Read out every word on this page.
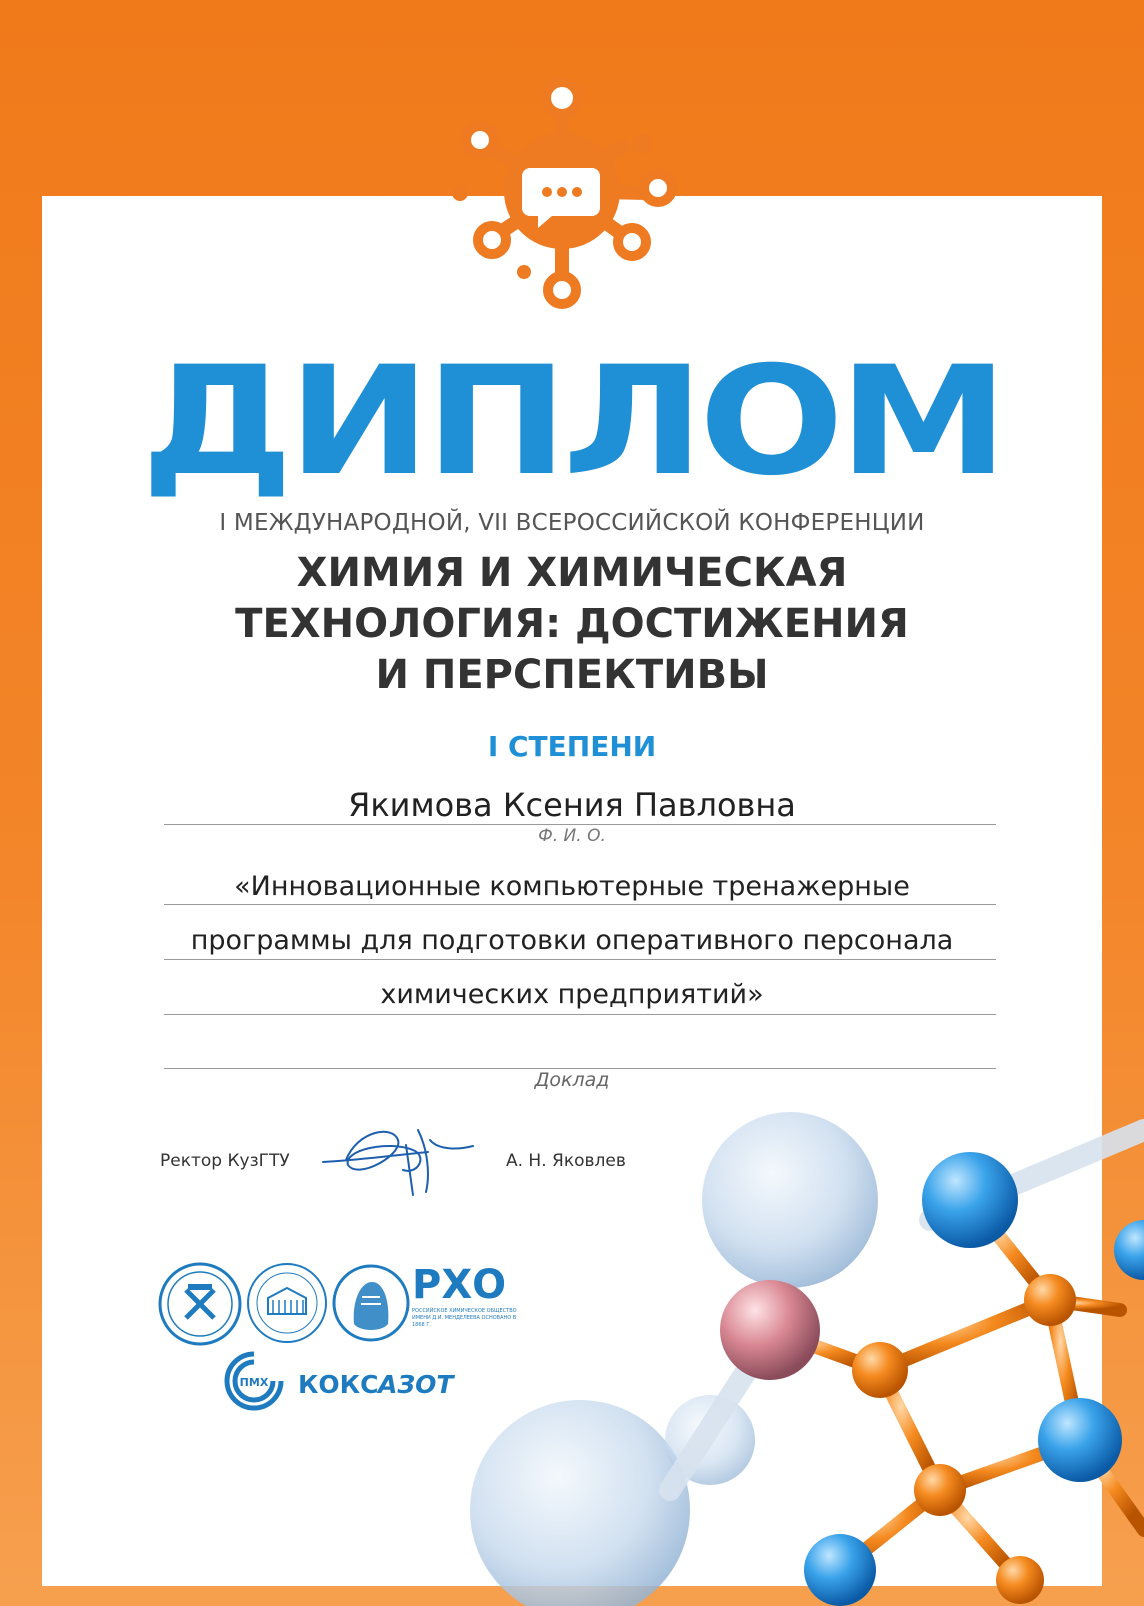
ДИПЛОМ
I МЕЖДУНАРОДНОЙ, VII ВСЕРОССИЙСКОЙ КОНФЕРЕНЦИИ
ХИМИЯ И ХИМИЧЕСКАЯ
ТЕХНОЛОГИЯ: ДОСТИЖЕНИЯ
И ПЕРСПЕКТИВЫ
I СТЕПЕНИ
Якимова Ксения Павловна
Ф. И. О.
«Инновационные компьютерные тренажерные
программы для подготовки оперативного персонала
химических предприятий»
Доклад
Ректор КузГТУ	А. Н. Яковлев
РХО
РОССИЙСКОЕ ХИМИЧЕСКОЕ ОБЩЕСТВО ИМЕНИ Д.И. МЕНДЕЛЕЕВА ОСНОВАНО В 1868 Г.
ПМХ КОКС АЗОТ
